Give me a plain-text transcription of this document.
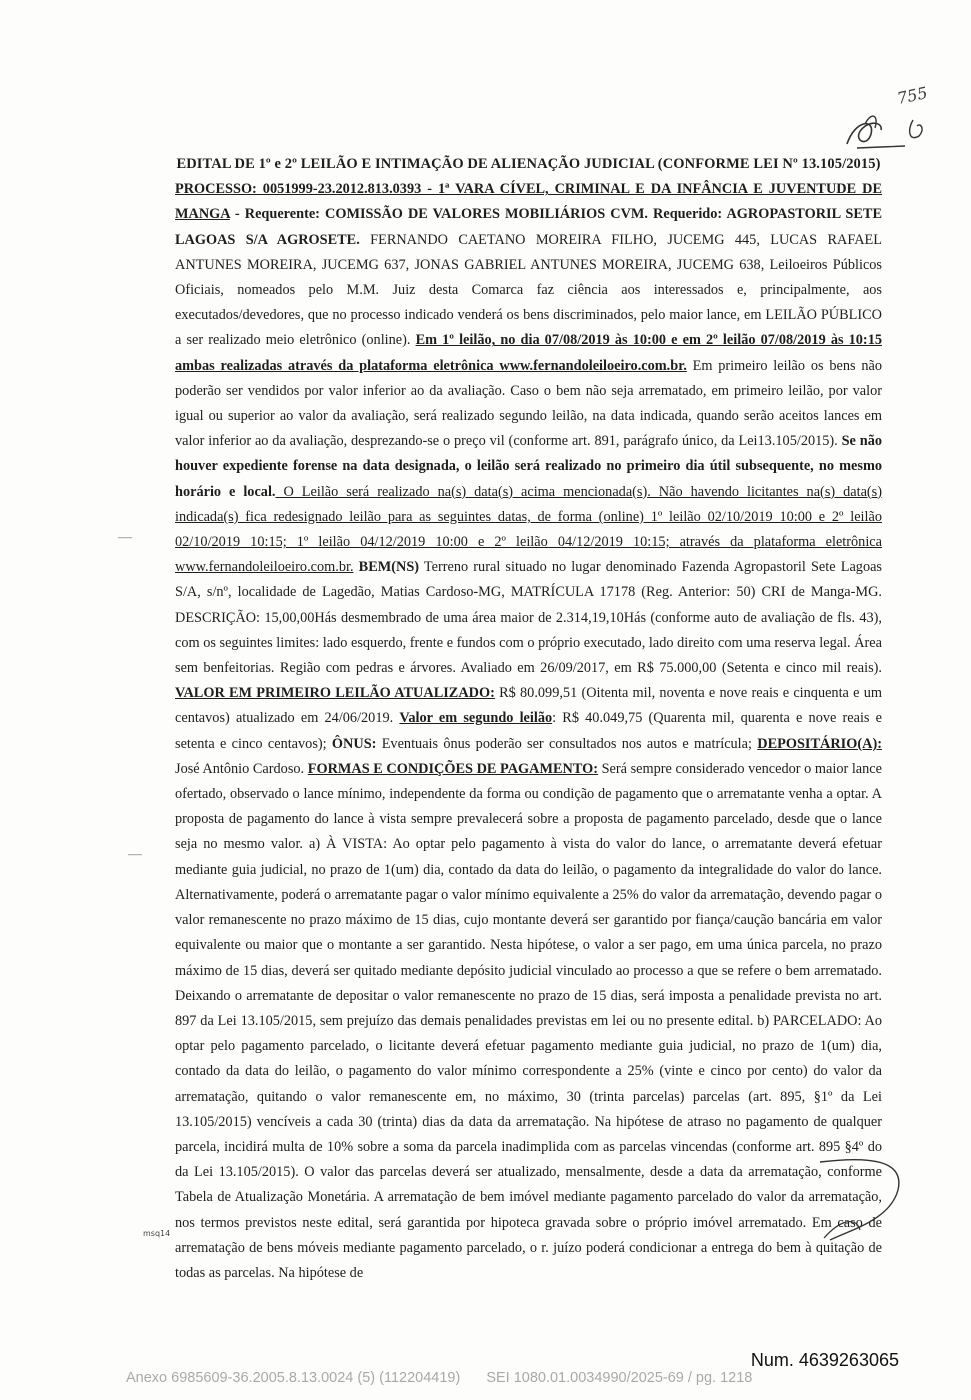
755

EDITAL DE 1º e 2º LEILÃO E INTIMAÇÃO DE ALIENAÇÃO JUDICIAL (CONFORME LEI Nº 13.105/2015)

PROCESSO: 0051999-23.2012.813.0393 - 1ª VARA CÍVEL, CRIMINAL E DA INFÂNCIA E JUVENTUDE DE MANGA - Requerente: COMISSÃO DE VALORES MOBILIÁRIOS CVM. Requerido: AGROPASTORIL SETE LAGOAS S/A AGROSETE. FERNANDO CAETANO MOREIRA FILHO, JUCEMG 445, LUCAS RAFAEL ANTUNES MOREIRA, JUCEMG 637, JONAS GABRIEL ANTUNES MOREIRA, JUCEMG 638, Leiloeiros Públicos Oficiais, nomeados pelo M.M. Juiz desta Comarca faz ciência aos interessados e, principalmente, aos executados/devedores, que no processo indicado venderá os bens discriminados, pelo maior lance, em LEILÃO PÚBLICO a ser realizado meio eletrônico (online). Em 1º leilão, no dia 07/08/2019 às 10:00 e em 2º leilão 07/08/2019 às 10:15 ambas realizadas através da plataforma eletrônica www.fernandoleiloeiro.com.br. Em primeiro leilão os bens não poderão ser vendidos por valor inferior ao da avaliação. Caso o bem não seja arrematado, em primeiro leilão, por valor igual ou superior ao valor da avaliação, será realizado segundo leilão, na data indicada, quando serão aceitos lances em valor inferior ao da avaliação, desprezando-se o preço vil (conforme art. 891, parágrafo único, da Lei13.105/2015). Se não houver expediente forense na data designada, o leilão será realizado no primeiro dia útil subsequente, no mesmo horário e local. O Leilão será realizado na(s) data(s) acima mencionada(s). Não havendo licitantes na(s) data(s) indicada(s) fica redesignado leilão para as seguintes datas, de forma (online) 1º leilão 02/10/2019 10:00 e 2º leilão 02/10/2019 10:15; 1º leilão 04/12/2019 10:00 e 2º leilão 04/12/2019 10:15; através da plataforma eletrônica www.fernandoleiloeiro.com.br. BEM(NS) Terreno rural situado no lugar denominado Fazenda Agropastoril Sete Lagoas S/A, s/nº, localidade de Lagedão, Matias Cardoso-MG, MATRÍCULA 17178 (Reg. Anterior: 50) CRI de Manga-MG. DESCRIÇÃO: 15,00,00Hás desmembrado de uma área maior de 2.314,19,10Hás (conforme auto de avaliação de fls. 43), com os seguintes limites: lado esquerdo, frente e fundos com o próprio executado, lado direito com uma reserva legal. Área sem benfeitorias. Região com pedras e árvores. Avaliado em 26/09/2017, em R$ 75.000,00 (Setenta e cinco mil reais). VALOR EM PRIMEIRO LEILÃO ATUALIZADO: R$ 80.099,51 (Oitenta mil, noventa e nove reais e cinquenta e um centavos) atualizado em 24/06/2019. Valor em segundo leilão: R$ 40.049,75 (Quarenta mil, quarenta e nove reais e setenta e cinco centavos); ÔNUS: Eventuais ônus poderão ser consultados nos autos e matrícula; DEPOSITÁRIO(A): José Antônio Cardoso. FORMAS E CONDIÇÕES DE PAGAMENTO: Será sempre considerado vencedor o maior lance ofertado, observado o lance mínimo, independente da forma ou condição de pagamento que o arrematante venha a optar. A proposta de pagamento do lance à vista sempre prevalecerá sobre a proposta de pagamento parcelado, desde que o lance seja no mesmo valor. a) À VISTA: Ao optar pelo pagamento à vista do valor do lance, o arrematante deverá efetuar mediante guia judicial, no prazo de 1(um) dia, contado da data do leilão, o pagamento da integralidade do valor do lance. Alternativamente, poderá o arrematante pagar o valor mínimo equivalente a 25% do valor da arrematação, devendo pagar o valor remanescente no prazo máximo de 15 dias, cujo montante deverá ser garantido por fiança/caução bancária em valor equivalente ou maior que o montante a ser garantido. Nesta hipótese, o valor a ser pago, em uma única parcela, no prazo máximo de 15 dias, deverá ser quitado mediante depósito judicial vinculado ao processo a que se refere o bem arrematado. Deixando o arrematante de depositar o valor remanescente no prazo de 15 dias, será imposta a penalidade prevista no art. 897 da Lei 13.105/2015, sem prejuízo das demais penalidades previstas em lei ou no presente edital. b) PARCELADO: Ao optar pelo pagamento parcelado, o licitante deverá efetuar pagamento mediante guia judicial, no prazo de 1(um) dia, contado da data do leilão, o pagamento do valor mínimo correspondente a 25% (vinte e cinco por cento) do valor da arrematação, quitando o valor remanescente em, no máximo, 30 (trinta parcelas) parcelas (art. 895, §1º da Lei 13.105/2015) vencíveis a cada 30 (trinta) dias da data da arrematação. Na hipótese de atraso no pagamento de qualquer parcela, incidirá multa de 10% sobre a soma da parcela inadimplida com as parcelas vincendas (conforme art. 895 §4º do da Lei 13.105/2015). O valor das parcelas deverá ser atualizado, mensalmente, desde a data da arrematação, conforme Tabela de Atualização Monetária. A arrematação de bem imóvel mediante pagamento parcelado do valor da arrematação, nos termos previstos neste edital, será garantida por hipoteca gravada sobre o próprio imóvel arrematado. Em caso de arrematação de bens móveis mediante pagamento parcelado, o r. juízo poderá condicionar a entrega do bem à quitação de todas as parcelas. Na hipótese de

—
—
msq14
Num. 4639263065
Anexo 6985609-36.2005.8.13.0024 (5) (112204419) SEI 1080.01.0034990/2025-69 / pg. 1218
